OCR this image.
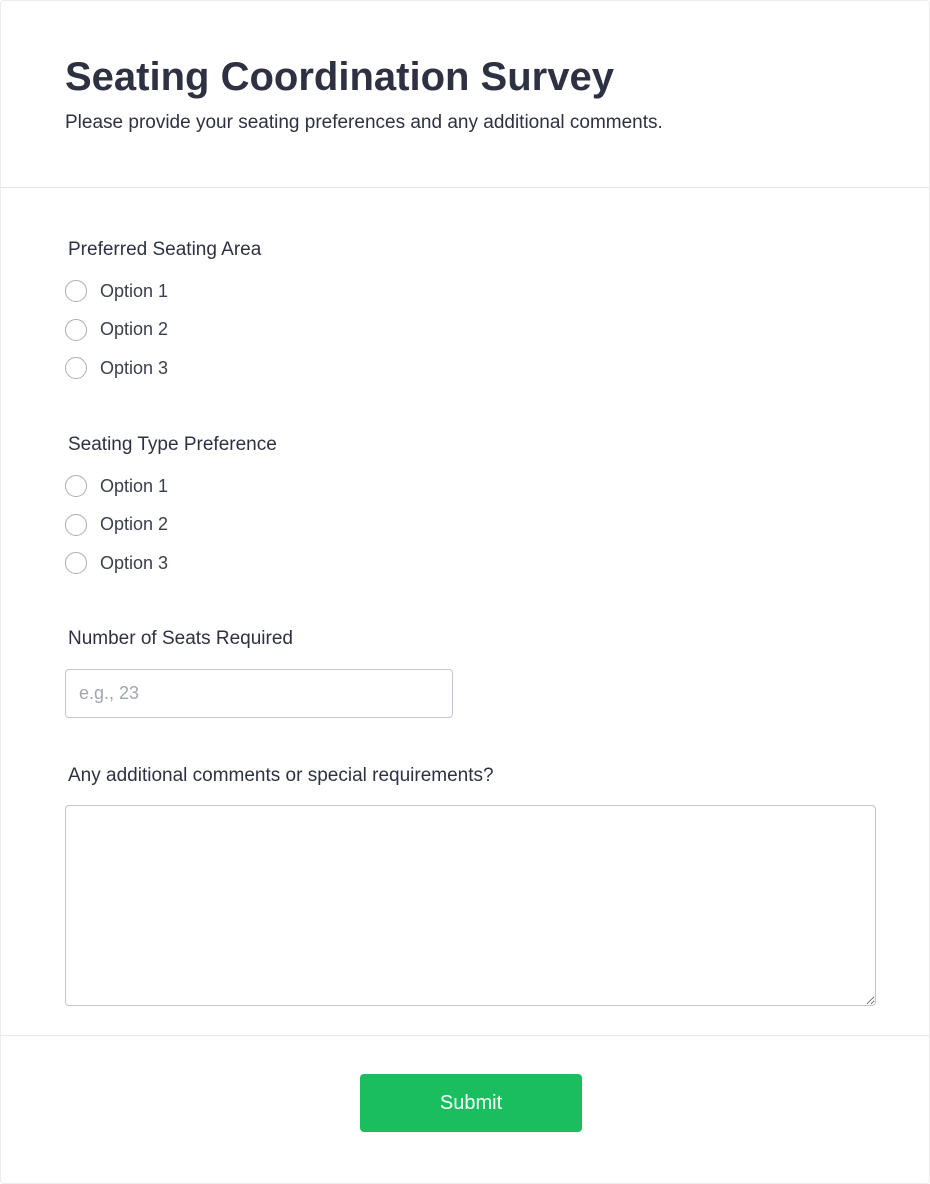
Seating Coordination Survey

Please provide your seating preferences and any additional comments.

Preferred Seating Area
Option 1
Option 2
Option 3
Seating Type Preference
Option 1
Option 2
Option 3
Number of Seats Required
e.g., 23
Any additional comments or special requirements?
Submit
